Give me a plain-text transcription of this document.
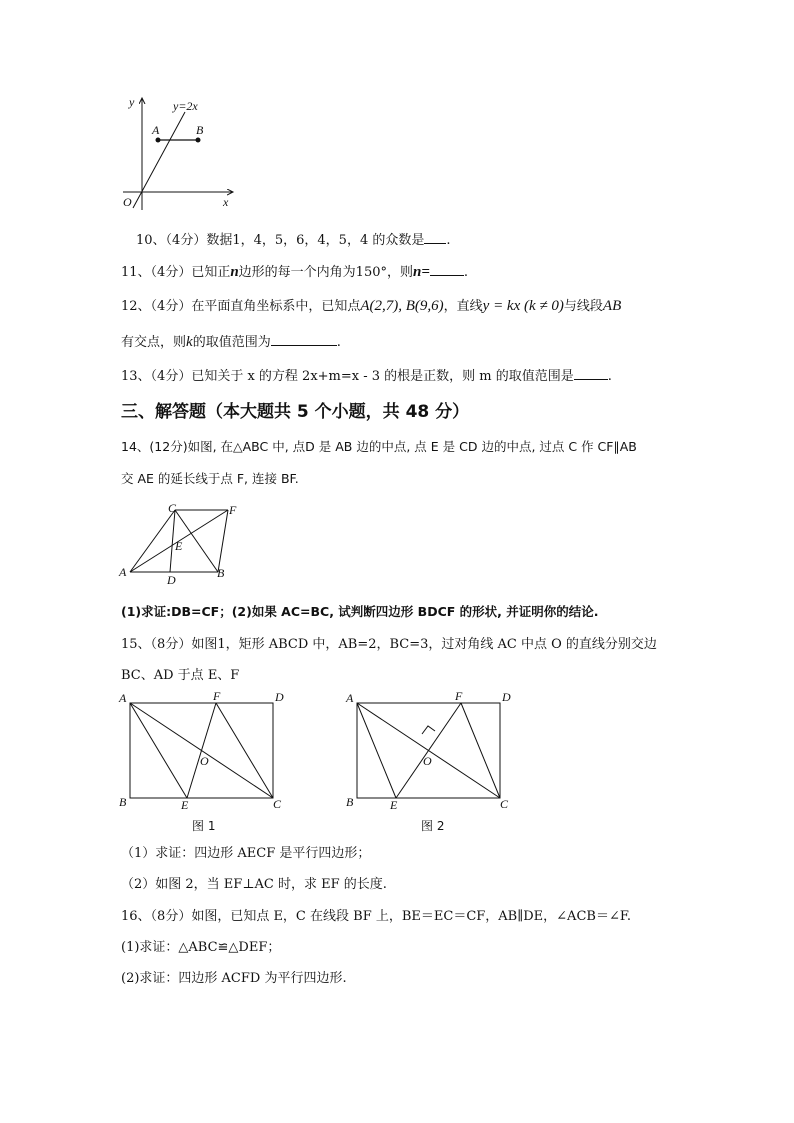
y
x
O
y=2x
A	B
10、（4分）数据1，4，5，6，4，5，4 的众数是 .
11、（4分）已知正n边形的每一个内角为150°，则n=	.
12、（4分）在平面直角坐标系中，已知点A(2,7), B(9,6)，直线y = kx (k ≠ 0)与线段AB
有交点，则k的取值范围为	.
13、（4分）已知关于 x 的方程 2x+m=x - 3 的根是正数，则 m 的取值范围是	.
三、解答题（本大题共 5 个小题，共 48 分）
14、(12分)如图, 在△ABC 中, 点D 是 AB 边的中点, 点 E 是 CD 边的中点, 过点 C 作 CF∥AB
交 AE 的延长线于点 F, 连接 BF.
A	B
C
D
E
F
(1)求证:DB=CF；(2)如果 AC=BC, 试判断四边形 BDCF 的形状, 并证明你的结论.
15、（8分）如图1，矩形 ABCD 中，AB=2，BC=3，过对角线 AC 中点 O 的直线分别交边
BC、AD 于点 E、F
A
B	C
D
E
F
O
图 1
A
B	C
D
E
F
O
图 2
（1）求证：四边形 AECF 是平行四边形；
（2）如图 2，当 EF⊥AC 时，求 EF 的长度.
16、（8分）如图，已知点 E，C 在线段 BF 上，BE＝EC＝CF，AB∥DE，∠ACB＝∠F.
(1)求证：△ABC≌△DEF；
(2)求证：四边形 ACFD 为平行四边形.
